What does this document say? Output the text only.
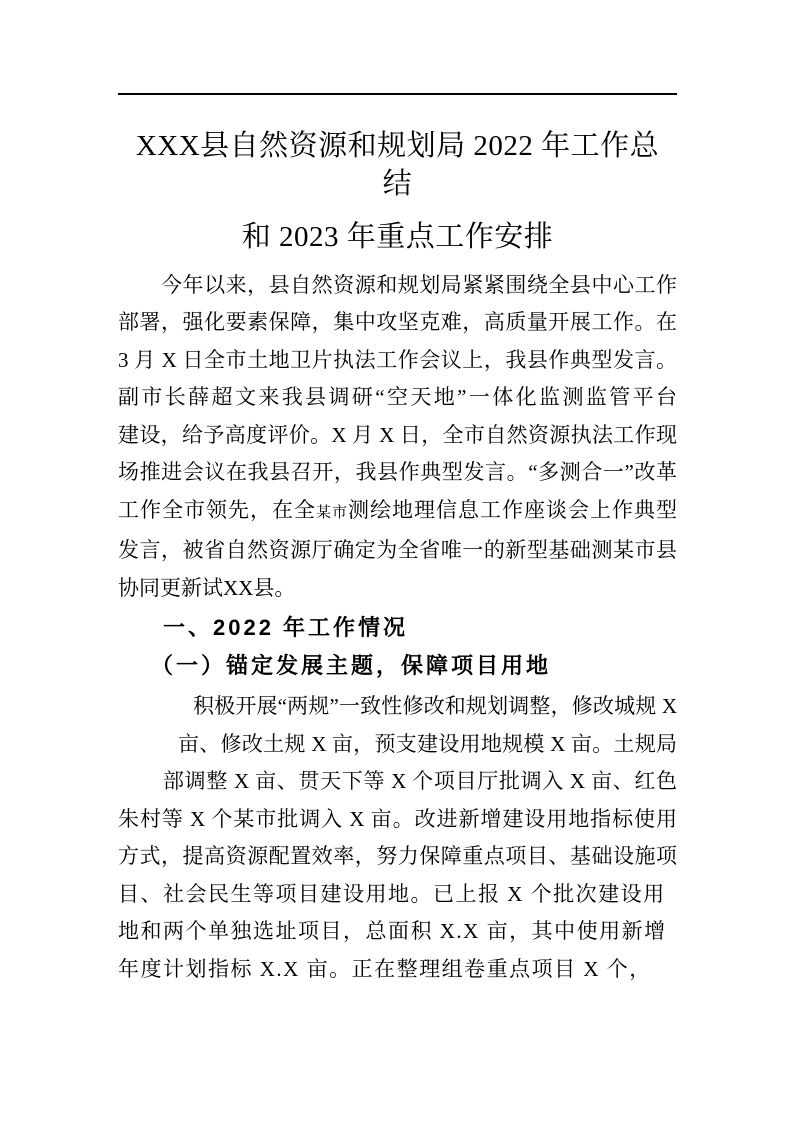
XXX县自然资源和规划局 2022 年工作总
结
和 2023 年重点工作安排
　　今年以来，县自然资源和规划局紧紧围绕全县中心工作
部署，强化要素保障，集中攻坚克难，高质量开展工作。在
3 月 X 日全市土地卫片执法工作会议上，我县作典型发言。
副市长薛超文来我县调研“空天地”一体化监测监管平台
建设，给予高度评价。X 月 X 日，全市自然资源执法工作现
场推进会议在我县召开，我县作典型发言。“多测合一”改革
工作全市领先，在全某市测绘地理信息工作座谈会上作典型
发言，被省自然资源厅确定为全省唯一的新型基础测某市县
协同更新试XX县。
一、2022 年工作情况
（一）锚定发展主题，保障项目用地
积极开展“两规”一致性修改和规划调整，修改城规 X
亩、修改土规 X 亩，预支建设用地规模 X 亩。土规局
部调整 X 亩、贯天下等 X 个项目厅批调入 X 亩、红色
朱村等 X 个某市批调入 X 亩。改进新增建设用地指标使用
方式，提高资源配置效率，努力保障重点项目、基础设施项
目、社会民生等项目建设用地。已上报 X 个批次建设用
地和两个单独选址项目，总面积 X.X 亩，其中使用新增
年度计划指标 X.X 亩。正在整理组卷重点项目 X 个，
